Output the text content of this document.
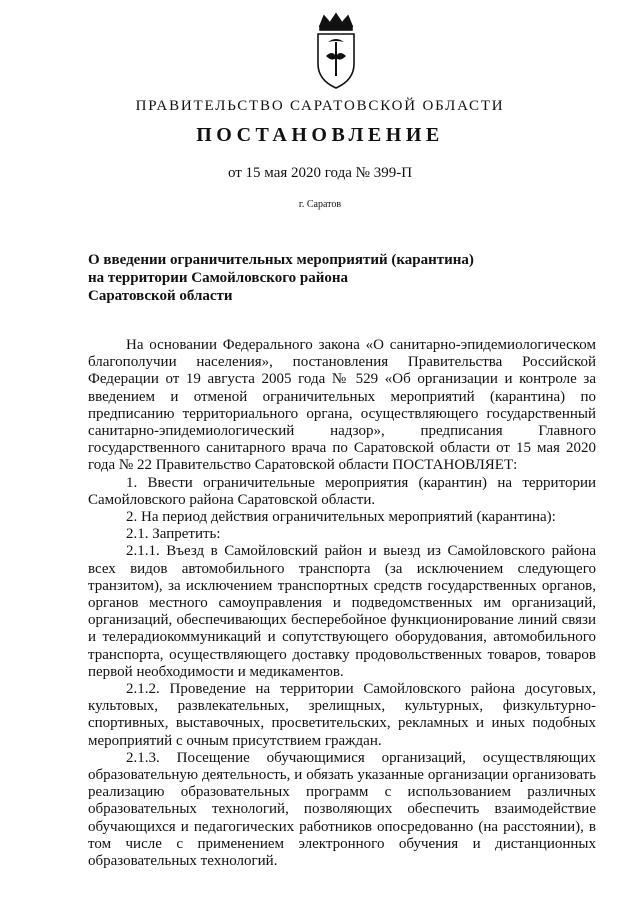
ПРАВИТЕЛЬСТВО САРАТОВСКОЙ ОБЛАСТИ
ПОСТАНОВЛЕНИЕ
от 15 мая 2020 года № 399-П
г. Саратов
О введении ограничительных мероприятий (карантина)
на территории Самойловского района
Саратовской области

На основании Федерального закона «О санитарно-эпидемиологическом благополучии населения», постановления Правительства Российской Федерации от 19 августа 2005 года № 529 «Об организации и контроле за введением и отменой ограничительных мероприятий (карантина) по предписанию территориального органа, осуществляющего государственный санитарно-эпидемиологический надзор», предписания Главного государственного санитарного врача по Саратовской области от 15 мая 2020 года № 22 Правительство Саратовской области ПОСТАНОВЛЯЕТ:

1. Ввести ограничительные мероприятия (карантин) на территории Самойловского района Саратовской области.

2. На период действия ограничительных мероприятий (карантина):

2.1. Запретить:

2.1.1. Въезд в Самойловский район и выезд из Самойловского района всех видов автомобильного транспорта (за исключением следующего транзитом), за исключением транспортных средств государственных органов, органов местного самоуправления и подведомственных им организаций, организаций, обеспечивающих бесперебойное функционирование линий связи и телерадиокоммуникаций и сопутствующего оборудования, автомобильного транспорта, осуществляющего доставку продовольственных товаров, товаров первой необходимости и медикаментов.

2.1.2. Проведение на территории Самойловского района досуговых, культовых, развлекательных, зрелищных, культурных, физкультурно-спортивных, выставочных, просветительских, рекламных и иных подобных мероприятий с очным присутствием граждан.

2.1.3. Посещение обучающимися организаций, осуществляющих образовательную деятельность, и обязать указанные организации организовать реализацию образовательных программ с использованием различных образовательных технологий, позволяющих обеспечить взаимодействие обучающихся и педагогических работников опосредованно (на расстоянии), в том числе с применением электронного обучения и дистанционных образовательных технологий.
